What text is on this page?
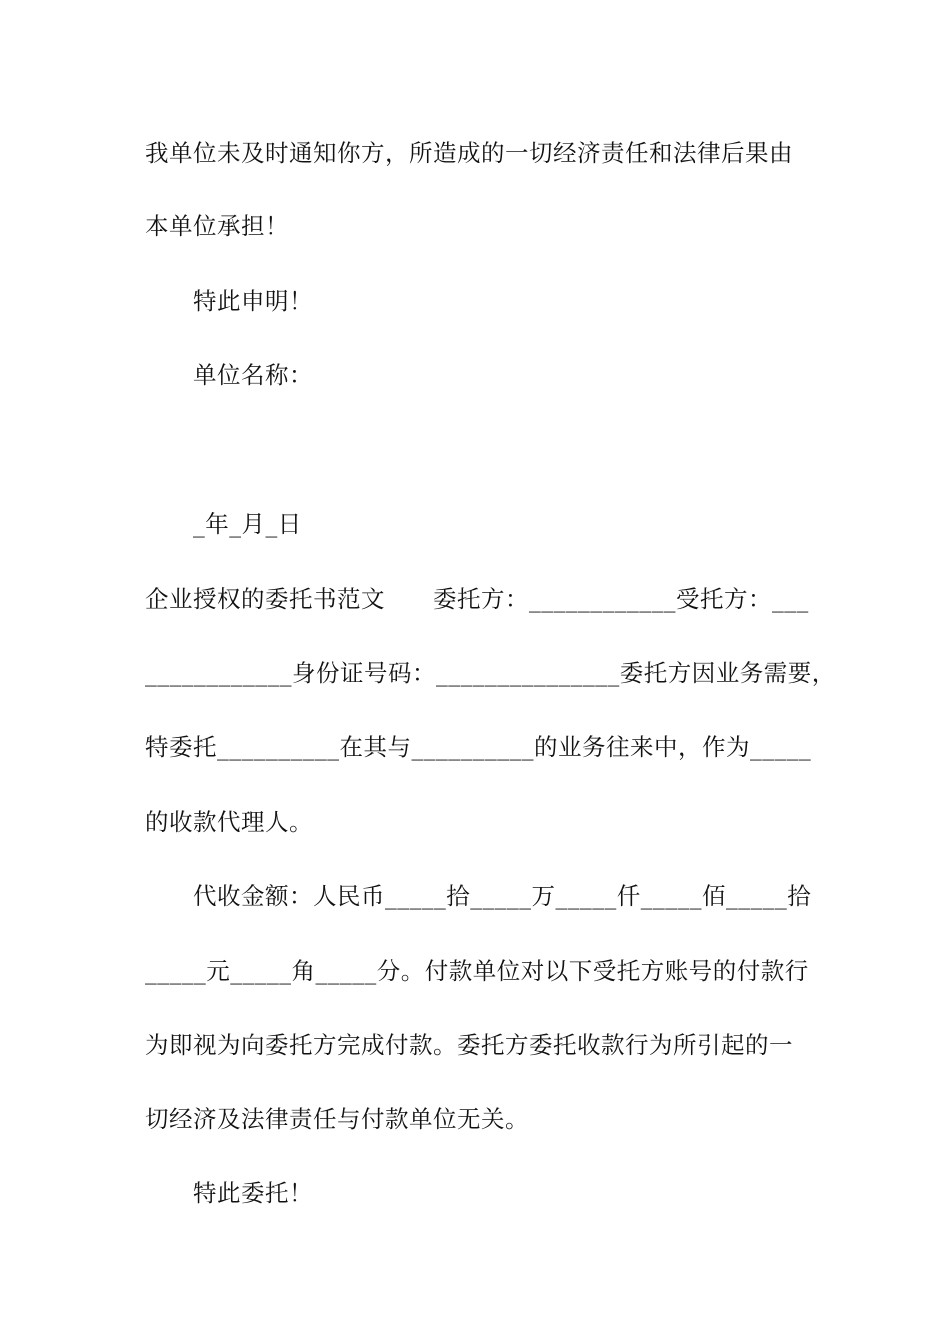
我单位未及时通知你方，所造成的一切经济责任和法律后果由
本单位承担！
特此申明！
单位名称：
_年_月_日
企业授权的委托书范文　　委托方：____________受托方：___
____________身份证号码：_______________委托方因业务需要，
特委托__________在其与__________的业务往来中，作为_____
的收款代理人。
代收金额：人民币_____拾_____万_____仟_____佰_____拾
_____元_____角_____分。付款单位对以下受托方账号的付款行
为即视为向委托方完成付款。委托方委托收款行为所引起的一
切经济及法律责任与付款单位无关。
特此委托！
